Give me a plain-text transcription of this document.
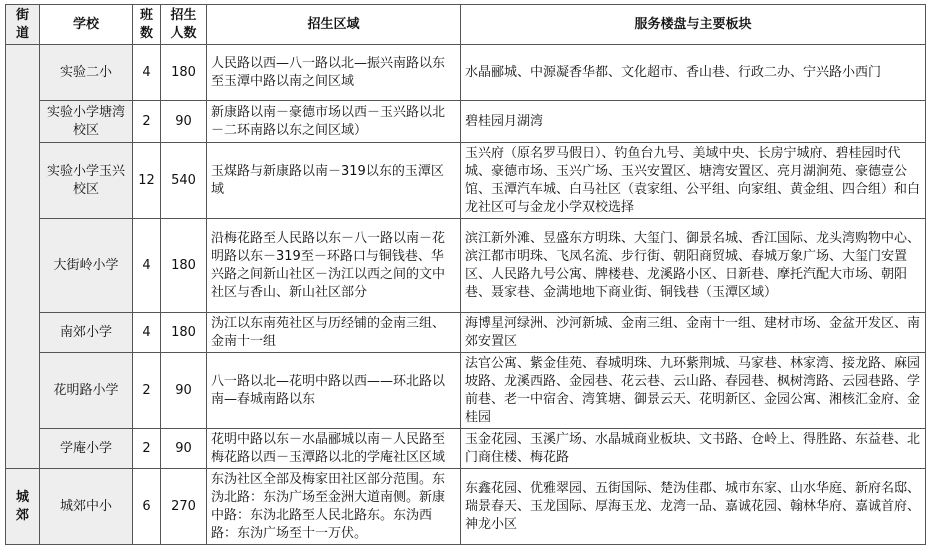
街道	学校	班数	招生人数	招生区域	服务楼盘与主要板块
	实验二小	4	180	人民路以西—八一路以北—振兴南路以东至玉潭中路以南之间区域	水晶郦城、中源凝香华都、文化超市、香山巷、行政二办、宁兴路小西门
	实验小学塘湾校区	2	90	新康路以南－豪德市场以西－玉兴路以北－二环南路以东之间区域）	碧桂园月湖湾
	实验小学玉兴校区	12	540	玉煤路与新康路以南－319以东的玉潭区域	玉兴府（原名罗马假日）、钓鱼台九号、美域中央、长房宁城府、碧桂园时代城、豪德市场、玉兴广场、玉兴安置区、塘湾安置区、亮月湖涧苑、豪德壹公馆、玉潭汽车城、白马社区（袁家组、公平组、向家组、黄金组、四合组）和白龙社区可与金龙小学双校选择
	大街岭小学	4	180	沿梅花路至人民路以东－八一路以南－花明路以东－319至－环路口与铜钱巷、华兴路之间新山社区－沩江以西之间的文中社区与香山、新山社区部分	滨江新外滩、昱盛东方明珠、大玺门、御景名城、香江国际、龙头湾购物中心、滨江都市明珠、飞凤名流、步行街、朝阳商贸城、春城万象广场、大玺门安置区、人民路九号公寓、牌楼巷、龙溪路小区、日新巷、摩托汽配大市场、朝阳巷、聂家巷、金满地地下商业街、铜钱巷（玉潭区域）
	南郊小学	4	180	沩江以东南苑社区与历经铺的金南三组、金南十一组	海博星河绿洲、沙河新城、金南三组、金南十一组、建材市场、金盆开发区、南郊安置区
	花明路小学	2	90	八一路以北—花明中路以西——环北路以南—春城南路以东	法官公寓、紫金佳苑、春城明珠、九环紫荆城、马家巷、林家湾、接龙路、麻园坡路、龙溪西路、金园巷、花云巷、云山路、春园巷、枫树湾路、云园巷路、学前巷、老一中宿舍、湾箕塘、御景云天、花明新区、金园公寓、湘核汇金府、金桂园
	学庵小学	2	90	花明中路以东－水晶郦城以南－人民路至梅花路以西－玉潭路以北的学庵社区区域	玉金花园、玉溪广场、水晶城商业板块、文书路、仓岭上、得胜路、东益巷、北门商住楼、梅花路
城郊	城郊中小	6	270	东沩社区全部及梅家田社区部分范围。东沩北路：东沩广场至金洲大道南侧。新康中路：东沩北路至人民北路东。东沩西路：东沩广场至十一万伏。	东鑫花园、优雅翠园、五街国际、楚沩佳郡、城市东家、山水华庭、新府名邸、瑞景春天、玉龙国际、厚海玉龙、龙湾一品、嘉诚花园、翰林华府、嘉诚首府、神龙小区
